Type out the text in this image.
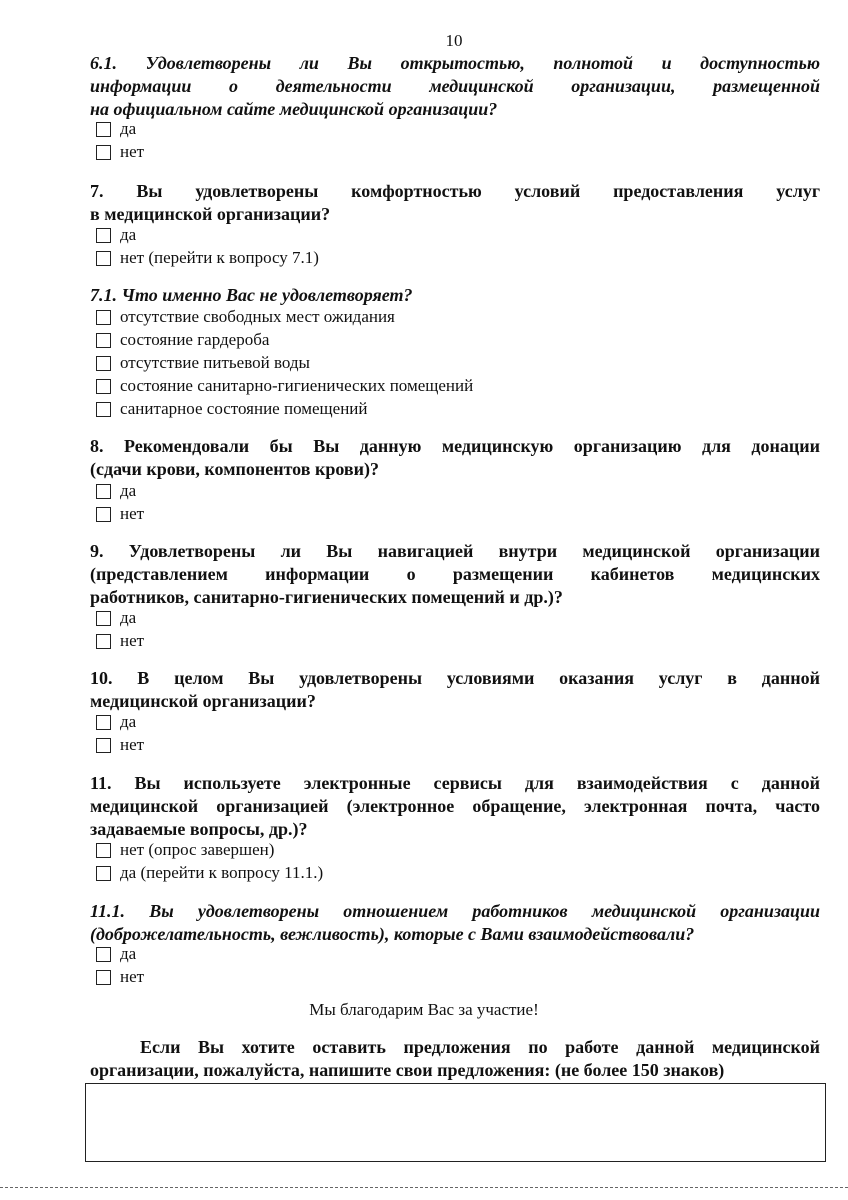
10
6.1. Удовлетворены ли Вы открытостью, полнотой и доступностью
информации о деятельности медицинской организации, размещенной
на официальном сайте медицинской организации?
да
нет
7. Вы удовлетворены комфортностью условий предоставления услуг
в медицинской организации?
да
нет (перейти к вопросу 7.1)
7.1. Что именно Вас не удовлетворяет?
отсутствие свободных мест ожидания
состояние гардероба
отсутствие питьевой воды
состояние санитарно-гигиенических помещений
санитарное состояние помещений
8. Рекомендовали бы Вы данную медицинскую организацию для донации
(сдачи крови, компонентов крови)?
да
нет
9. Удовлетворены ли Вы навигацией внутри медицинской организации
(представлением информации о размещении кабинетов медицинских
работников, санитарно-гигиенических помещений и др.)?
да
нет
10. В целом Вы удовлетворены условиями оказания услуг в данной
медицинской организации?
да
нет
11. Вы используете электронные сервисы для взаимодействия с данной
медицинской организацией (электронное обращение, электронная почта, часто
задаваемые вопросы, др.)?
нет (опрос завершен)
да (перейти к вопросу 11.1.)
11.1. Вы удовлетворены отношением работников медицинской организации
(доброжелательность, вежливость), которые с Вами взаимодействовали?
да
нет
Мы благодарим Вас за участие!
Если Вы хотите оставить предложения по работе данной медицинской
организации, пожалуйста, напишите свои предложения: (не более 150 знаков)
